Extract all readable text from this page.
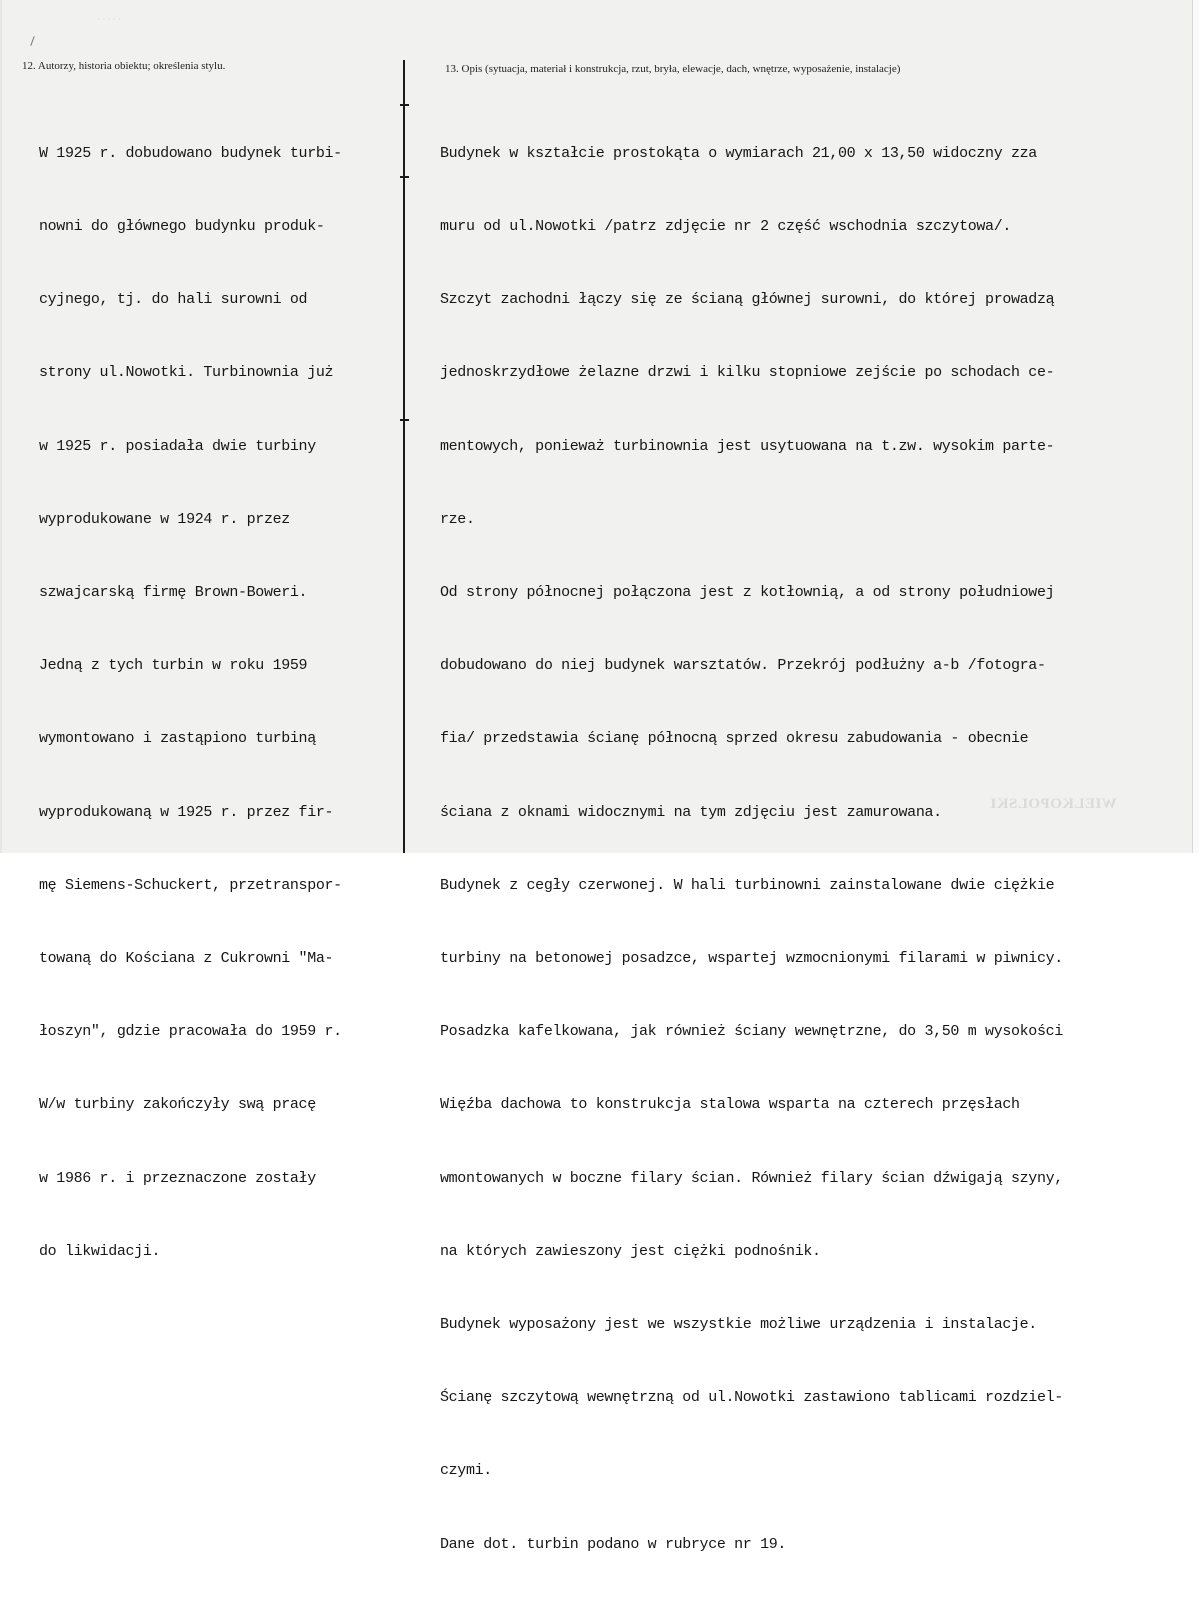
· · · · ·
12. Autorzy, historia obiektu; określenia stylu.	13. Opis (sytuacja, materiał i konstrukcja, rzut, bryła, elewacje, dach, wnętrze, wyposażenie, instalacje)

W 1925 r. dobudowano budynek turbi-

nowni do głównego budynku produk-

cyjnego, tj. do hali surowni od

strony ul.Nowotki. Turbinownia już

w 1925 r. posiadała dwie turbiny

wyprodukowane w 1924 r. przez

szwajcarską firmę Brown-Boweri.

Jedną z tych turbin w roku 1959

wymontowano i zastąpiono turbiną

wyprodukowaną w 1925 r. przez fir-

mę Siemens-Schuckert, przetranspor-

towaną do Kościana z Cukrowni "Ma-

łoszyn", gdzie pracowała do 1959 r.

W/w turbiny zakończyły swą pracę

w 1986 r. i przeznaczone zostały

do likwidacji.

Budynek w kształcie prostokąta o wymiarach 21,00 x 13,50 widoczny zza

muru od ul.Nowotki /patrz zdjęcie nr 2 część wschodnia szczytowa/.

Szczyt zachodni łączy się ze ścianą głównej surowni, do której prowadzą

jednoskrzydłowe żelazne drzwi i kilku stopniowe zejście po schodach ce-

mentowych, ponieważ turbinownia jest usytuowana na t.zw. wysokim parte-

rze.

Od strony północnej połączona jest z kotłownią, a od strony południowej

dobudowano do niej budynek warsztatów. Przekrój podłużny a-b /fotogra-

fia/ przedstawia ścianę północną sprzed okresu zabudowania - obecnie

ściana z oknami widocznymi na tym zdjęciu jest zamurowana.

Budynek z cegły czerwonej. W hali turbinowni zainstalowane dwie ciężkie

turbiny na betonowej posadzce, wspartej wzmocnionymi filarami w piwnicy.

Posadzka kafelkowana, jak również ściany wewnętrzne, do 3,50 m wysokości

Więźba dachowa to konstrukcja stalowa wsparta na czterech przęsłach

wmontowanych w boczne filary ścian. Również filary ścian dźwigają szyny,

na których zawieszony jest ciężki podnośnik.

Budynek wyposażony jest we wszystkie możliwe urządzenia i instalacje.

Ścianę szczytową wewnętrzną od ul.Nowotki zastawiono tablicami rozdziel-

czymi.

Dane dot. turbin podano w rubryce nr 19.

WIELKOPOLSKI
